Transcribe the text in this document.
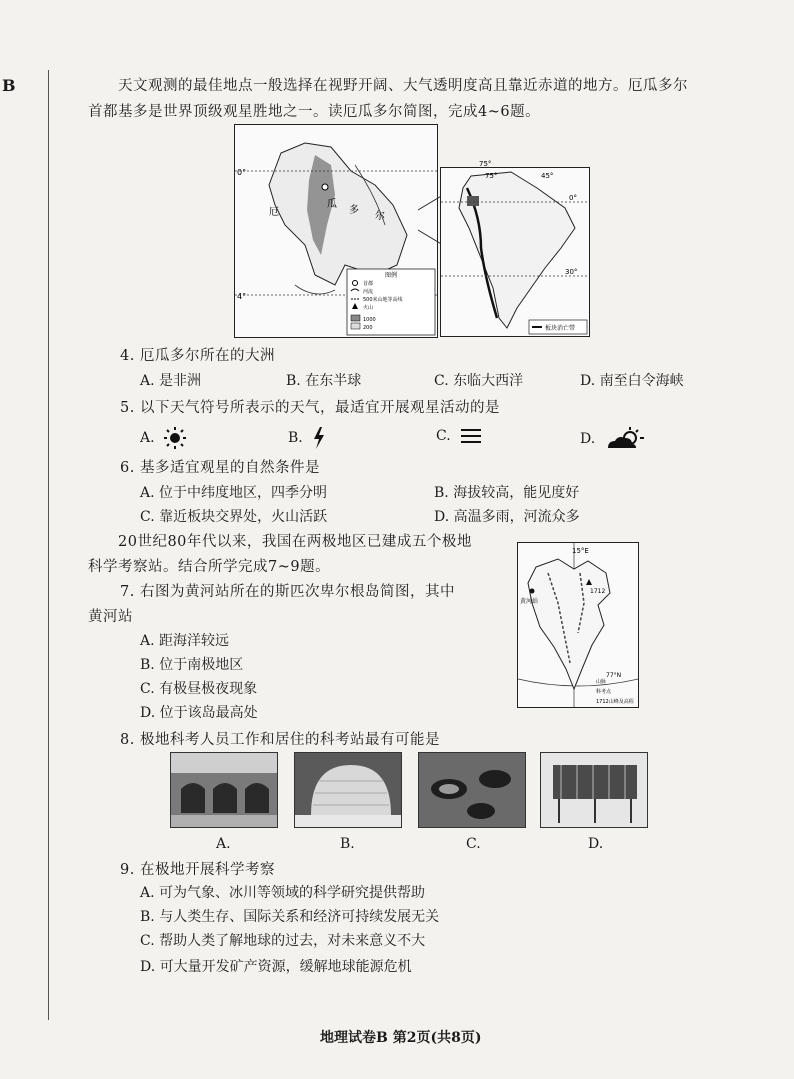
B	天文观测的最佳地点一般选择在视野开阔、大气透明度高且靠近赤道的地方。厄瓜多尔
首都基多是世界顶级观星胜地之一。读厄瓜多尔简图，完成4~6题。
0°
4°
厄
瓜
多
尔
图例
首都
河流
500米山地等高线
火山
1000
200
75°
75°	45°
0°
30°
板块消亡带
4. 厄瓜多尔所在的大洲
A. 是非洲	B. 在东半球	C. 东临大西洋	D. 南至白令海峡
5. 以下天气符号所表示的天气，最适宜开展观星活动的是
A.	B.	C.	D.
6. 基多适宜观星的自然条件是
A. 位于中纬度地区，四季分明	B. 海拔较高，能见度好
C. 靠近板块交界处，火山活跃	D. 高温多雨，河流众多
20世纪80年代以来，我国在两极地区已建成五个极地
科学考察站。结合所学完成7~9题。
15°E
黄河站
1712
77°N
山脉
科考点
1712山峰及高程
7. 右图为黄河站所在的斯匹次卑尔根岛简图，其中
黄河站
A. 距海洋较远
B. 位于南极地区
C. 有极昼极夜现象
D. 位于该岛最高处
8. 极地科考人员工作和居住的科考站最有可能是
A.	B.	C.	D.
9. 在极地开展科学考察
A. 可为气象、冰川等领域的科学研究提供帮助
B. 与人类生存、国际关系和经济可持续发展无关
C. 帮助人类了解地球的过去，对未来意义不大
D. 可大量开发矿产资源，缓解地球能源危机
地理试卷B 第2页(共8页)
